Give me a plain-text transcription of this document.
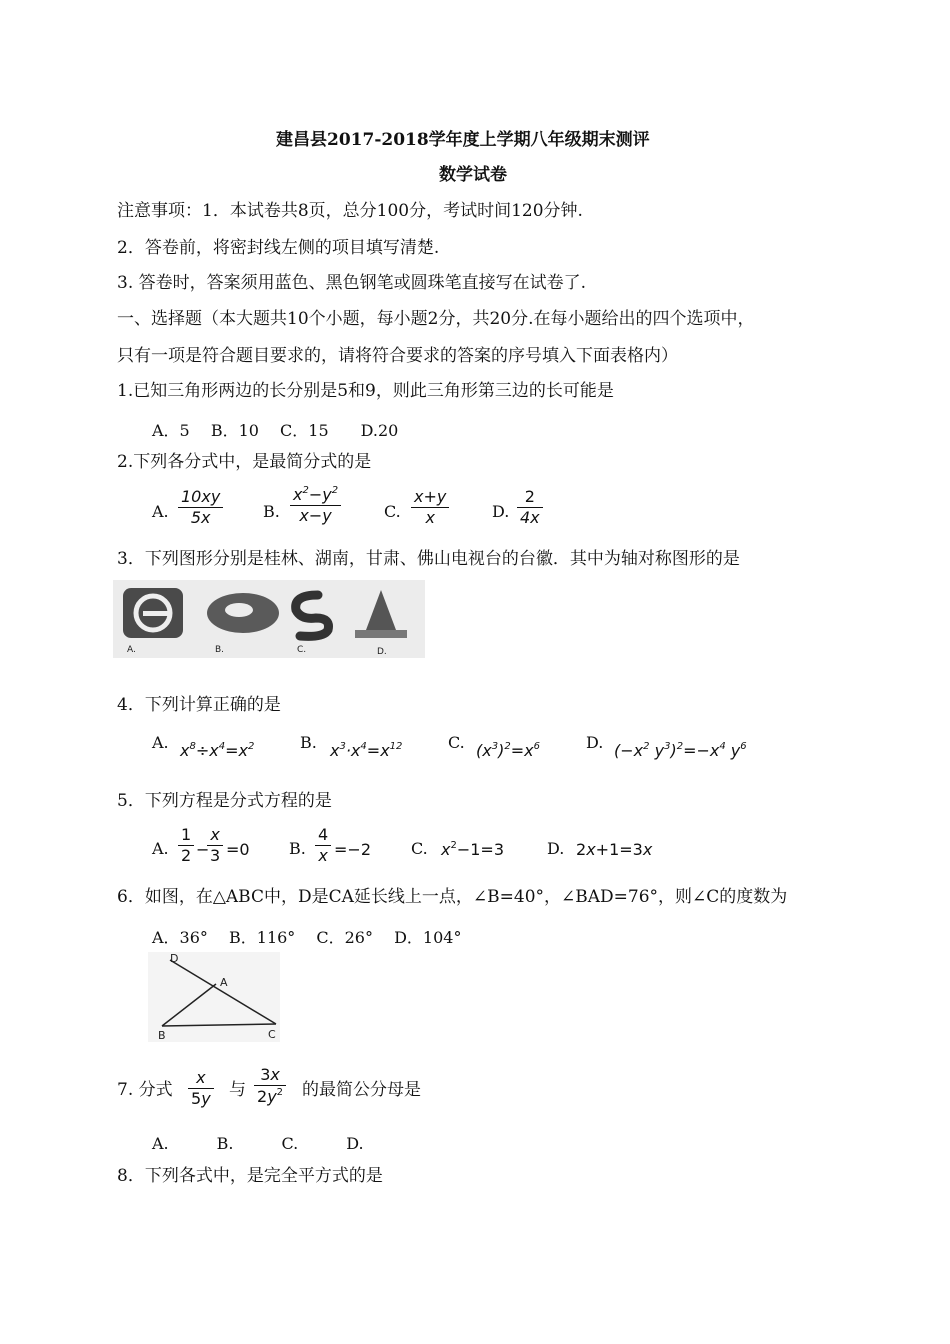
建昌县2017-2018学年度上学期八年级期末测评
数学试卷
注意事项：1．本试卷共8页，总分100分，考试时间120分钟.
2．答卷前，将密封线左侧的项目填写清楚.
3. 答卷时，答案须用蓝色、黑色钢笔或圆珠笔直接写在试卷了.
一、选择题（本大题共10个小题，每小题2分，共20分.在每小题给出的四个选项中，
只有一项是符合题目要求的，请将符合要求的答案的序号填入下面表格内）
1.已知三角形两边的长分别是5和9，则此三角形第三边的长可能是
A．5　 B．10　 C．15　　D.20
2.下列各分式中，是最简分式的是
A.
10xy
5x	B.
$x^2-y^2$
x−y	C.
x+y
x	D.
2
4x
3．下列图形分别是桂林、湖南，甘肃、佛山电视台的台徽．其中为轴对称图形的是
A.	B.	C.	D.
4．下列计算正确的是
A. $x^8\div x^4=x^2$	B. $x^3\cdot x^4=x^{12}$	C. $(x^3)^2=x^6$	D. ($-x^2$ $y^3)^2=-x^4$ $y^6$
5．下列方程是分式方程的是
A.
1
2 −
x
3 =0 B.
4
x =−2	C. $x^2-1=3$	D. 2x+1=3x
6．如图，在△ABC中，D是CA延长线上一点，∠B=40°，∠BAD=76°，则∠C的度数为
A．36°　 B．116°　 C．26°　 D．104°
D
A
B	C
7. 分式
x
5y 与
3x
$2y^2$ 的最简公分母是
A.　　　B.　　　C.　　　D.
8．下列各式中，是完全平方式的是
